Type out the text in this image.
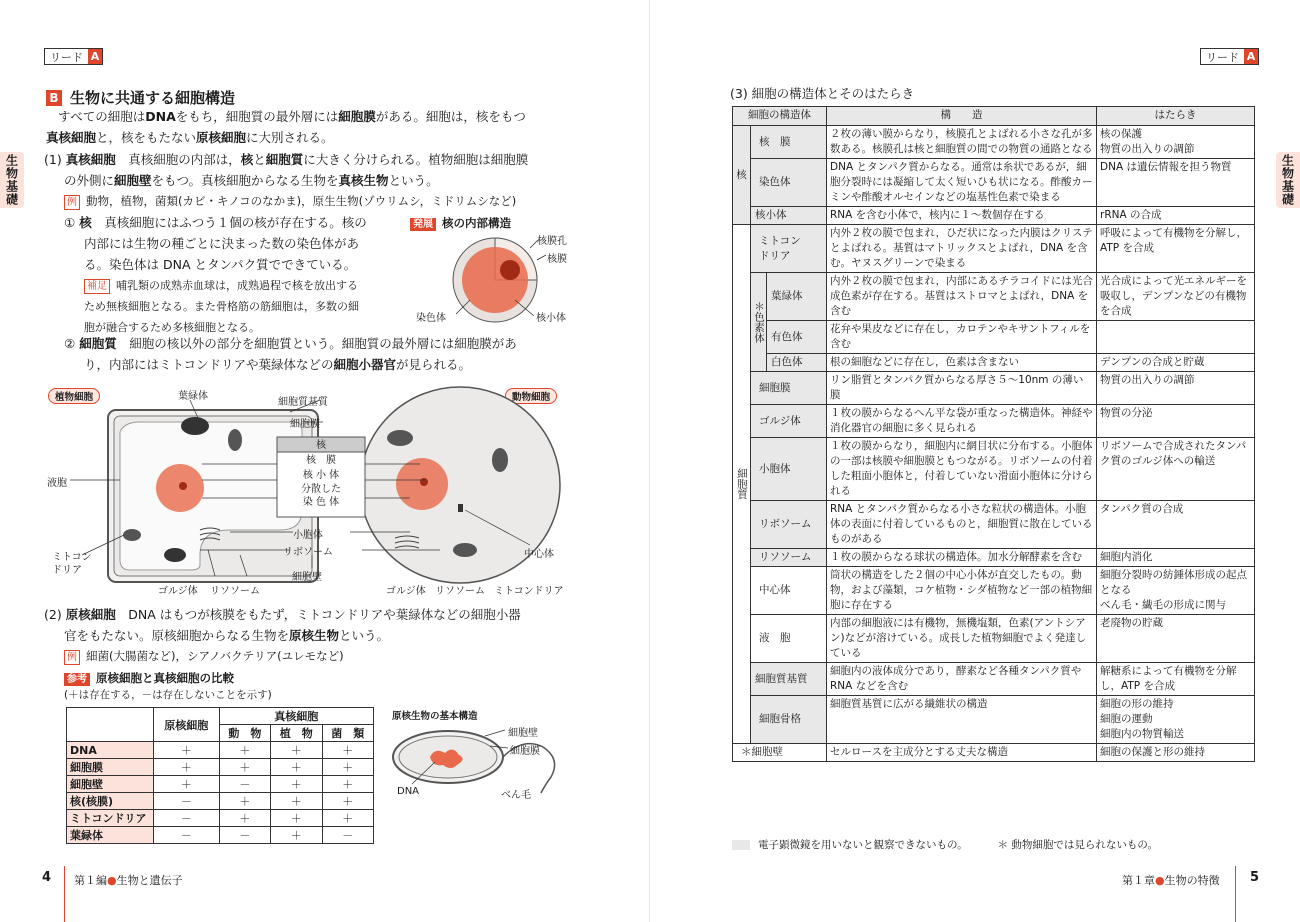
リード A
生物基礎
B 生物に共通する細胞構造
すべての細胞はDNAをもち，細胞質の最外層には細胞膜がある。細胞は，核をもつ
真核細胞と，核をもたない原核細胞に大別される。
(1) 真核細胞　 真核細胞の内部は，核と細胞質に大きく分けられる。植物細胞は細胞膜
の外側に細胞壁をもつ。真核細胞からなる生物を真核生物という。
例 動物，植物，菌類(カビ・キノコのなかま)，原生生物(ゾウリムシ，ミドリムシなど)
① 核　 真核細胞にはふつう１個の核が存在する。核の
内部には生物の種ごとに決まった数の染色体があ
る。染色体は DNA とタンパク質でできている。
補足 哺乳類の成熟赤血球は，成熟過程で核を放出する
ため無核細胞となる。また骨格筋の筋細胞は，多数の細
胞が融合するため多核細胞となる。
発展 核の内部構造
核膜孔
核膜
染色体	核小体
② 細胞質　 細胞の核以外の部分を細胞質という。細胞質の最外層には細胞膜があ
り，内部にはミトコンドリアや葉緑体などの細胞小器官が見られる。
植物細胞	動物細胞
葉緑体
細胞質基質
細胞膜
液胞
ミトコン
ドリア
ゴルジ体 リソソーム
小胞体
リボソーム
細胞壁
中心体
ゴルジ体 リソソーム ミトコンドリア
核
核　膜
核 小 体
分散した
染 色 体
(2) 原核細胞　 DNA はもつが核膜をもたず，ミトコンドリアや葉緑体などの細胞小器
官をもたない。原核細胞からなる生物を原核生物という。
例 細菌(大腸菌など)，シアノバクテリア(ユレモなど)
参考 原核細胞と真核細胞の比較
(＋は存在する，－は存在しないことを示す)
	原核細胞	真核細胞		
		動　物	植　物	菌　類
DNA	＋	＋	＋	＋
細胞膜	＋	＋	＋	＋
細胞壁	＋	－	＋	＋
核(核膜)	－	＋	＋	＋
ミトコンドリア	－	＋	＋	＋
葉緑体	－	－	＋	－
原核生物の基本構造
細胞壁
細胞膜
DNA	べん毛
4 第１編●生物と遺伝子
リード A
生物基礎
(3) 細胞の構造体とそのはたらき
細胞の構造体			構　　造	はたらき
核	核　膜		２枚の薄い膜からなり，核膜孔とよばれる小さな孔が多数ある。核膜孔は核と細胞質の間での物質の通路となる	核の保護
物質の出入りの調節
	染色体		DNA とタンパク質からなる。通常は糸状であるが，細胞分裂時には凝縮して太く短いひも状になる。酢酸カーミンや酢酸オルセインなどの塩基性色素で染まる	DNA は遺伝情報を担う物質
	核小体		RNA を含む小体で，核内に１～数個存在する	rRNA の合成
細胞質	ミトコン
ドリア		内外２枚の膜で包まれ，ひだ状になった内膜はクリステとよばれる。基質はマトリックスとよばれ，DNA を含む。ヤヌスグリーンで染まる	呼吸によって有機物を分解し，ATP を合成
	＊色素体	葉緑体	内外２枚の膜で包まれ，内部にあるチラコイドには光合成色素が存在する。基質はストロマとよばれ，DNA を含む	光合成によって光エネルギーを吸収し，デンプンなどの有機物を合成
		有色体	花弁や果皮などに存在し，カロテンやキサントフィルを含む	
		白色体	根の細胞などに存在し，色素は含まない	デンプンの合成と貯蔵
	細胞膜		リン脂質とタンパク質からなる厚さ５～10nm の薄い膜	物質の出入りの調節
	ゴルジ体		１枚の膜からなるへん平な袋が重なった構造体。神経や消化器官の細胞に多く見られる	物質の分泌
	小胞体		１枚の膜からなり，細胞内に網目状に分布する。小胞体の一部は核膜や細胞膜ともつながる。リボソームの付着した粗面小胞体と，付着していない滑面小胞体に分けられる	リボソームで合成されたタンパク質のゴルジ体への輸送
	リボソーム		RNA とタンパク質からなる小さな粒状の構造体。小胞体の表面に付着しているものと，細胞質に散在しているものがある	タンパク質の合成
	リソソーム		１枚の膜からなる球状の構造体。加水分解酵素を含む	細胞内消化
	中心体		筒状の構造をした２個の中心小体が直交したもの。動物，および藻類，コケ植物・シダ植物など一部の植物細胞に存在する	細胞分裂時の紡錘体形成の起点となる
べん毛・繊毛の形成に関与
	液　胞		内部の細胞液には有機物，無機塩類，色素(アントシアン)などが溶けている。成長した植物細胞でよく発達している	老廃物の貯蔵
	細胞質基質		細胞内の液体成分であり，酵素など各種タンパク質や RNA などを含む	解糖系によって有機物を分解し，ATP を合成
	細胞骨格		細胞質基質に広がる繊維状の構造	細胞の形の維持
細胞の運動
細胞内の物質輸送
＊細胞壁			セルロースを主成分とする丈夫な構造	細胞の保護と形の維持
電子顕微鏡を用いないと観察できないもの。	＊ 動物細胞では見られないもの。
第１章●生物の特徴 5
